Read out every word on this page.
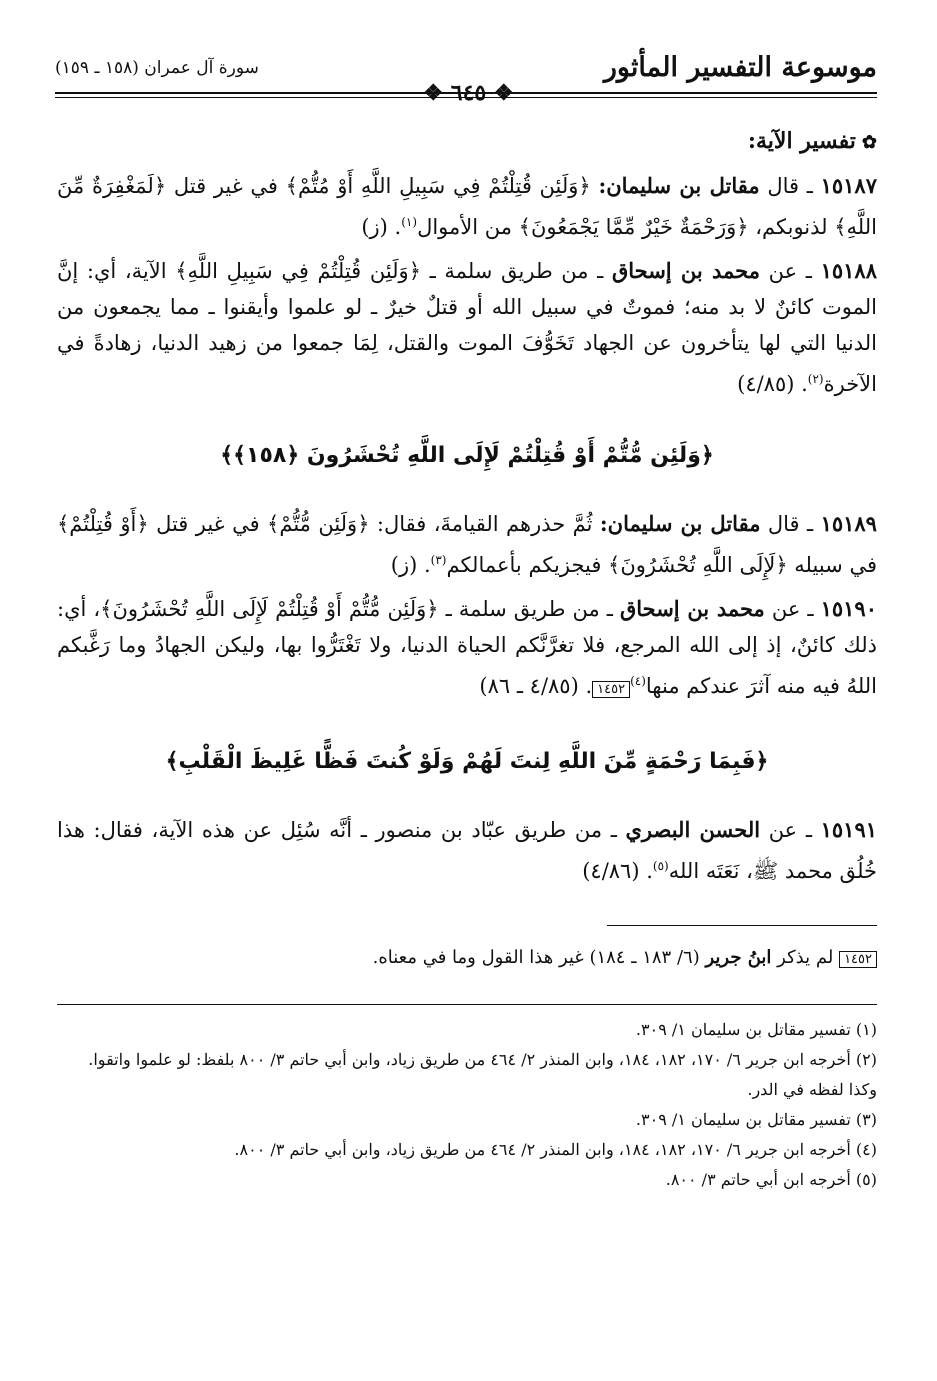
موسوعة التفسير المأثور
سورة آل عمران (١٥٨ ـ ١٥٩)
❖ ٦٤٥ ❖
✿تفسير الآية:

١٥١٨٧ ـ قال مقاتل بن سليمان: ﴿وَلَئِن قُتِلْتُمْ فِي سَبِيلِ اللَّهِ أَوْ مُتُّمْ﴾ في غير قتل ﴿لَمَغْفِرَةٌ مِّنَ اللَّهِ﴾ لذنوبكم، ﴿وَرَحْمَةٌ خَيْرٌ مِّمَّا يَجْمَعُونَ﴾ من الأموال$^{(١)}$. (ز)

١٥١٨٨ ـ عن محمد بن إسحاق ـ من طريق سلمة ـ ﴿وَلَئِن قُتِلْتُمْ فِي سَبِيلِ اللَّهِ﴾ الآية، أي: إنَّ الموت كائنٌ لا بد منه؛ فموتٌ في سبيل الله أو قتلٌ خيرٌ ـ لو علموا وأيقنوا ـ مما يجمعون من الدنيا التي لها يتأخرون عن الجهاد تَخَوُّفَ الموت والقتل، لِمَا جمعوا من زهيد الدنيا، زهادةً في الآخرة$^{(٢)}$. (٤/٨٥)

﴿وَلَئِن مُّتُّمْ أَوْ قُتِلْتُمْ لَإِلَى اللَّهِ تُحْشَرُونَ ﴿١٥٨﴾﴾

١٥١٨٩ ـ قال مقاتل بن سليمان: ثُمَّ حذرهم القيامةَ، فقال: ﴿وَلَئِن مُّتُّمْ﴾ في غير قتل ﴿أَوْ قُتِلْتُمْ﴾ في سبيله ﴿لَإِلَى اللَّهِ تُحْشَرُونَ﴾ فيجزيكم بأعمالكم$^{(٣)}$. (ز)

١٥١٩٠ ـ عن محمد بن إسحاق ـ من طريق سلمة ـ ﴿وَلَئِن مُّتُّمْ أَوْ قُتِلْتُمْ لَإِلَى اللَّهِ تُحْشَرُونَ﴾، أي: ذلك كائنٌ، إذ إلى الله المرجع، فلا تغرَّنَّكم الحياة الدنيا، ولا تَغْتَرُّوا بها، وليكن الجهادُ وما رَغَّبكم اللهُ فيه منه آثرَ عندكم منها$^{(٤)}$١٤٥٢. (٤/٨٥ ـ ٨٦)

﴿فَبِمَا رَحْمَةٍ مِّنَ اللَّهِ لِنتَ لَهُمْ وَلَوْ كُنتَ فَظًّا غَلِيظَ الْقَلْبِ﴾

١٥١٩١ ـ عن الحسن البصري ـ من طريق عبّاد بن منصور ـ أنَّه سُئِل عن هذه الآية، فقال: هذا خُلُق محمد ﷺ، نَعَتَه الله$^{(٥)}$. (٤/٨٦)

١٤٥٢ لم يذكر ابنُ جرير (٦/ ١٨٣ ـ ١٨٤) غير هذا القول وما في معناه.

(١) تفسير مقاتل بن سليمان ١/ ٣٠٩.

(٢) أخرجه ابن جرير ٦/ ١٧٠، ١٨٢، ١٨٤، وابن المنذر ٢/ ٤٦٤ من طريق زياد، وابن أبي حاتم ٣/ ٨٠٠ بلفظ: لو علموا واتقوا. وكذا لفظه في الدر.

(٣) تفسير مقاتل بن سليمان ١/ ٣٠٩.

(٤) أخرجه ابن جرير ٦/ ١٧٠، ١٨٢، ١٨٤، وابن المنذر ٢/ ٤٦٤ من طريق زياد، وابن أبي حاتم ٣/ ٨٠٠.

(٥) أخرجه ابن أبي حاتم ٣/ ٨٠٠.
